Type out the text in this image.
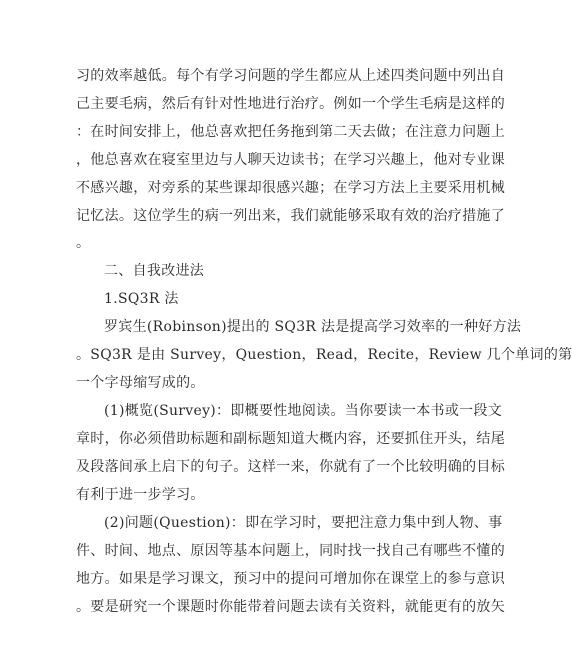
习的效率越低。每个有学习问题的学生都应从上述四类问题中列出自
己主要毛病，然后有针对性地进行治疗。例如一个学生毛病是这样的
：在时间安排上，他总喜欢把任务拖到第二天去做；在注意力问题上
，他总喜欢在寝室里边与人聊天边读书；在学习兴趣上，他对专业课
不感兴趣，对旁系的某些课却很感兴趣；在学习方法上主要采用机械
记忆法。这位学生的病一列出来，我们就能够采取有效的治疗措施了
。
二、自我改进法
1.SQ3R 法
罗宾生(Robinson)提出的 SQ3R 法是提高学习效率的一种好方法
。SQ3R 是由 Survey，Question，Read，Recite，Review 几个单词的第
一个字母缩写成的。
(1)概览(Survey)：即概要性地阅读。当你要读一本书或一段文
章时，你必须借助标题和副标题知道大概内容，还要抓住开头，结尾
及段落间承上启下的句子。这样一来，你就有了一个比较明确的目标
有利于进一步学习。
(2)问题(Question)：即在学习时，要把注意力集中到人物、事
件、时间、地点、原因等基本问题上，同时找一找自己有哪些不懂的
地方。如果是学习课文，预习中的提问可增加你在课堂上的参与意识
。要是研究一个课题时你能带着问题去读有关资料，就能更有的放矢
